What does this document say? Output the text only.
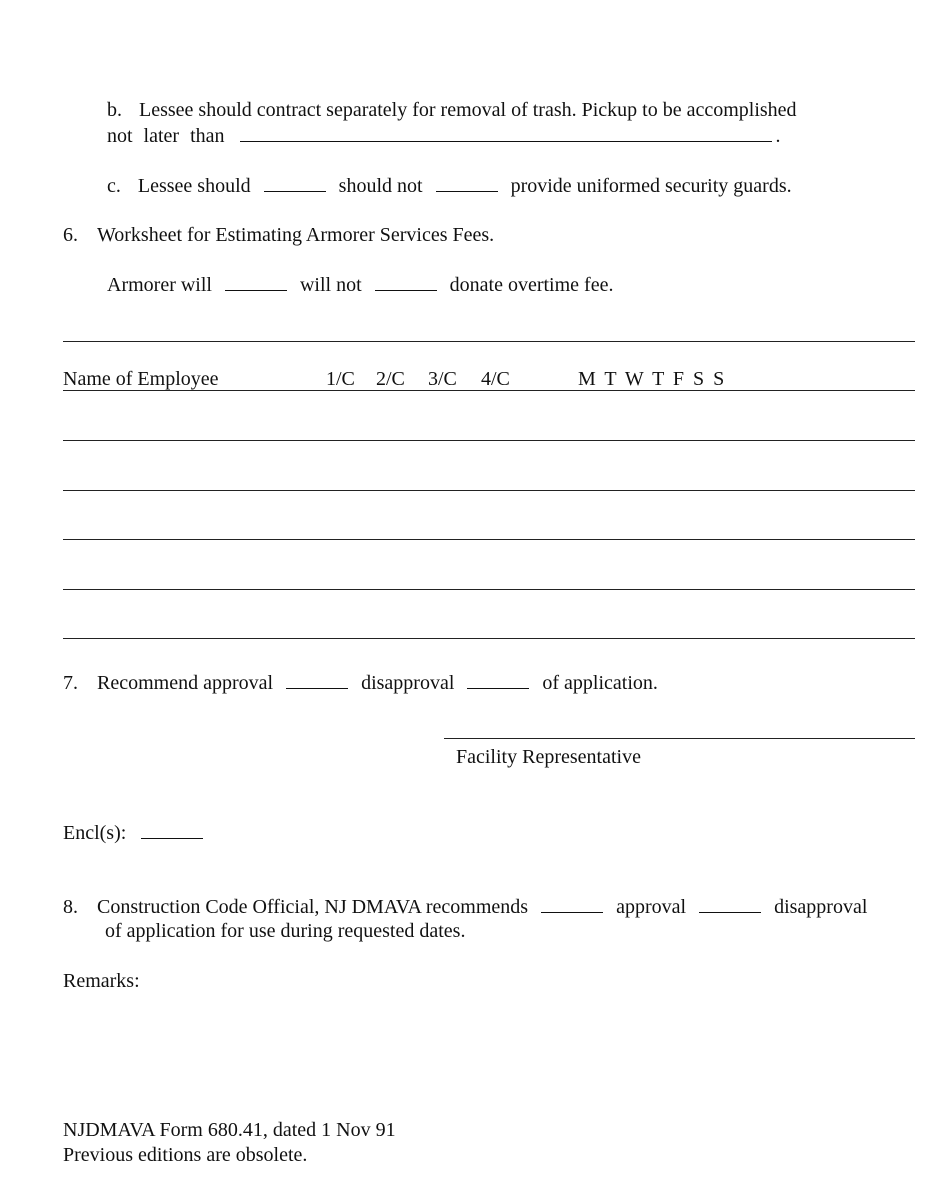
b. Lessee should contract separately for removal of trash. Pickup to be accomplished
not later than	.
c. Lessee should	should not	provide uniformed security guards.
6. Worksheet for Estimating Armorer Services Fees.
Armorer will	will not	donate overtime fee.
Name of Employee	1/C 2/C 3/C 4/C	M T W T F S S
7. Recommend approval	disapproval	of application.
Facility Representative
Encl(s):
8. Construction Code Official, NJ DMAVA recommends	approval	disapproval
of application for use during requested dates.
Remarks:
NJDMAVA Form 680.41, dated 1 Nov 91
Previous editions are obsolete.
